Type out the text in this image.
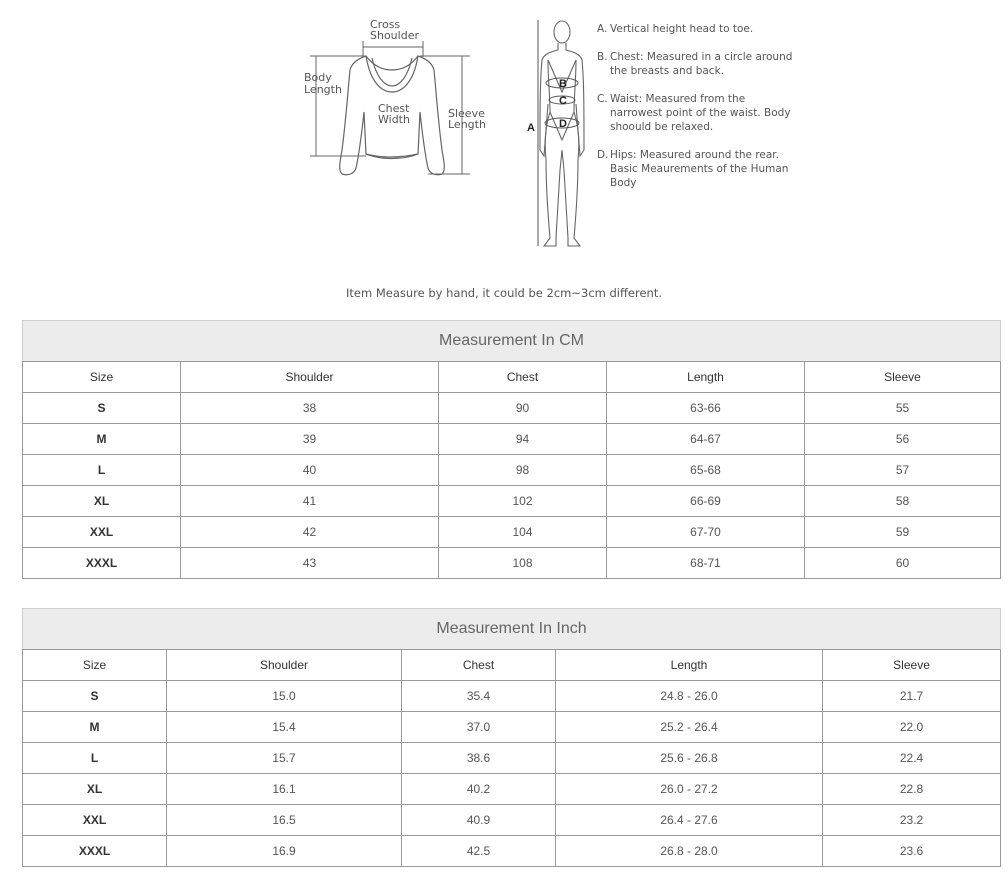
Cross
Shoulder
Body
Length
Chest
Width	Sleeve
Length	A
B
C
D
A. Vertical height head to toe.
B. Chest: Measured in a circle around the breasts and back.
C. Waist: Measured from the narrowest point of the waist. Body shoould be relaxed.
D. Hips: Measured around the rear. Basic Meaurements of the Human Body
Item Measure by hand, it could be 2cm~3cm different.
Measurement In CM				
Size	Shoulder	Chest	Length	Sleeve
S	38	90	63-66	55
M	39	94	64-67	56
L	40	98	65-68	57
XL	41	102	66-69	58
XXL	42	104	67-70	59
XXXL	43	108	68-71	60
Measurement In Inch				
Size	Shoulder	Chest	Length	Sleeve
S	15.0	35.4	24.8 - 26.0	21.7
M	15.4	37.0	25.2 - 26.4	22.0
L	15.7	38.6	25.6 - 26.8	22.4
XL	16.1	40.2	26.0 - 27.2	22.8
XXL	16.5	40.9	26.4 - 27.6	23.2
XXXL	16.9	42.5	26.8 - 28.0	23.6
